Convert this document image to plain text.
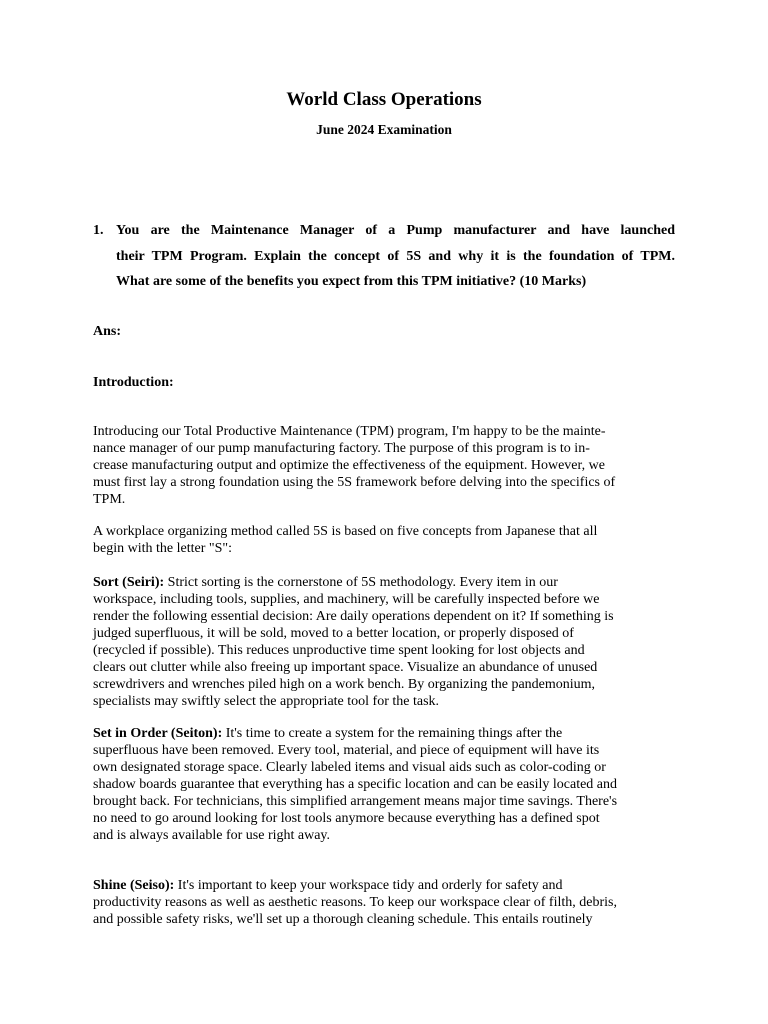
World Class Operations
June 2024 Examination
1. You are the Maintenance Manager of a Pump manufacturer and have launched
their TPM Program. Explain the concept of 5S and why it is the foundation of TPM.
What are some of the benefits you expect from this TPM initiative? (10 Marks)
Ans:
Introduction:
Introducing our Total Productive Maintenance (TPM) program, I'm happy to be the mainte-
nance manager of our pump manufacturing factory. The purpose of this program is to in-
crease manufacturing output and optimize the effectiveness of the equipment. However, we
must first lay a strong foundation using the 5S framework before delving into the specifics of
TPM.
A workplace organizing method called 5S is based on five concepts from Japanese that all
begin with the letter "S":
Sort (Seiri): Strict sorting is the cornerstone of 5S methodology. Every item in our
workspace, including tools, supplies, and machinery, will be carefully inspected before we
render the following essential decision: Are daily operations dependent on it? If something is
judged superfluous, it will be sold, moved to a better location, or properly disposed of
(recycled if possible). This reduces unproductive time spent looking for lost objects and
clears out clutter while also freeing up important space. Visualize an abundance of unused
screwdrivers and wrenches piled high on a work bench. By organizing the pandemonium,
specialists may swiftly select the appropriate tool for the task.
Set in Order (Seiton): It's time to create a system for the remaining things after the
superfluous have been removed. Every tool, material, and piece of equipment will have its
own designated storage space. Clearly labeled items and visual aids such as color-coding or
shadow boards guarantee that everything has a specific location and can be easily located and
brought back. For technicians, this simplified arrangement means major time savings. There's
no need to go around looking for lost tools anymore because everything has a defined spot
and is always available for use right away.
Shine (Seiso): It's important to keep your workspace tidy and orderly for safety and
productivity reasons as well as aesthetic reasons. To keep our workspace clear of filth, debris,
and possible safety risks, we'll set up a thorough cleaning schedule. This entails routinely
